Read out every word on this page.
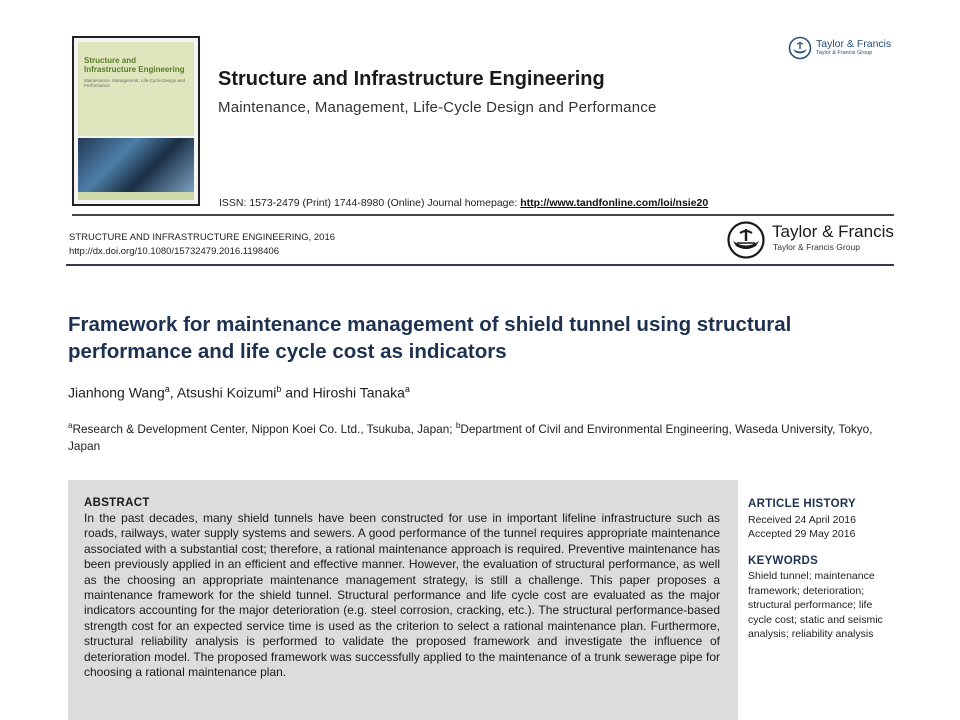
Structure and Infrastructure Engineering
Maintenance, Management, Life-Cycle Design and Performance	Structure and Infrastructure Engineering
Maintenance, Management, Life-Cycle Design and Performance
ISSN: 1573-2479 (Print) 1744-8980 (Online) Journal homepage: http://www.tandfonline.com/loi/nsie20
Taylor & Francis
Taylor & Francis Group
STRUCTURE AND INFRASTRUCTURE ENGINEERING, 2016
http://dx.doi.org/10.1080/15732479.2016.1198406
Taylor & Francis
Taylor & Francis Group
Framework for maintenance management of shield tunnel using structural performance and life cycle cost as indicators
Jianhong Wang$^a$, Atsushi Koizumi$^b$ and Hiroshi Tanaka$^a$
$^a$Research & Development Center, Nippon Koei Co. Ltd., Tsukuba, Japan; $^b$Department of Civil and Environmental Engineering, Waseda University, Tokyo, Japan
ABSTRACT
In the past decades, many shield tunnels have been constructed for use in important lifeline infrastructure such as roads, railways, water supply systems and sewers. A good performance of the tunnel requires appropriate maintenance associated with a substantial cost; therefore, a rational maintenance approach is required. Preventive maintenance has been previously applied in an efficient and effective manner. However, the evaluation of structural performance, as well as the choosing an appropriate maintenance management strategy, is still a challenge. This paper proposes a maintenance framework for the shield tunnel. Structural performance and life cycle cost are evaluated as the major indicators accounting for the major deterioration (e.g. steel corrosion, cracking, etc.). The structural performance-based strength cost for an expected service time is used as the criterion to select a rational maintenance plan. Furthermore, structural reliability analysis is performed to validate the proposed framework and investigate the influence of deterioration model. The proposed framework was successfully applied to the maintenance of a trunk sewerage pipe for choosing a rational maintenance plan.
ARTICLE HISTORY
Received 24 April 2016
Accepted 29 May 2016
KEYWORDS
Shield tunnel; maintenance framework; deterioration; structural performance; life cycle cost; static and seismic analysis; reliability analysis
